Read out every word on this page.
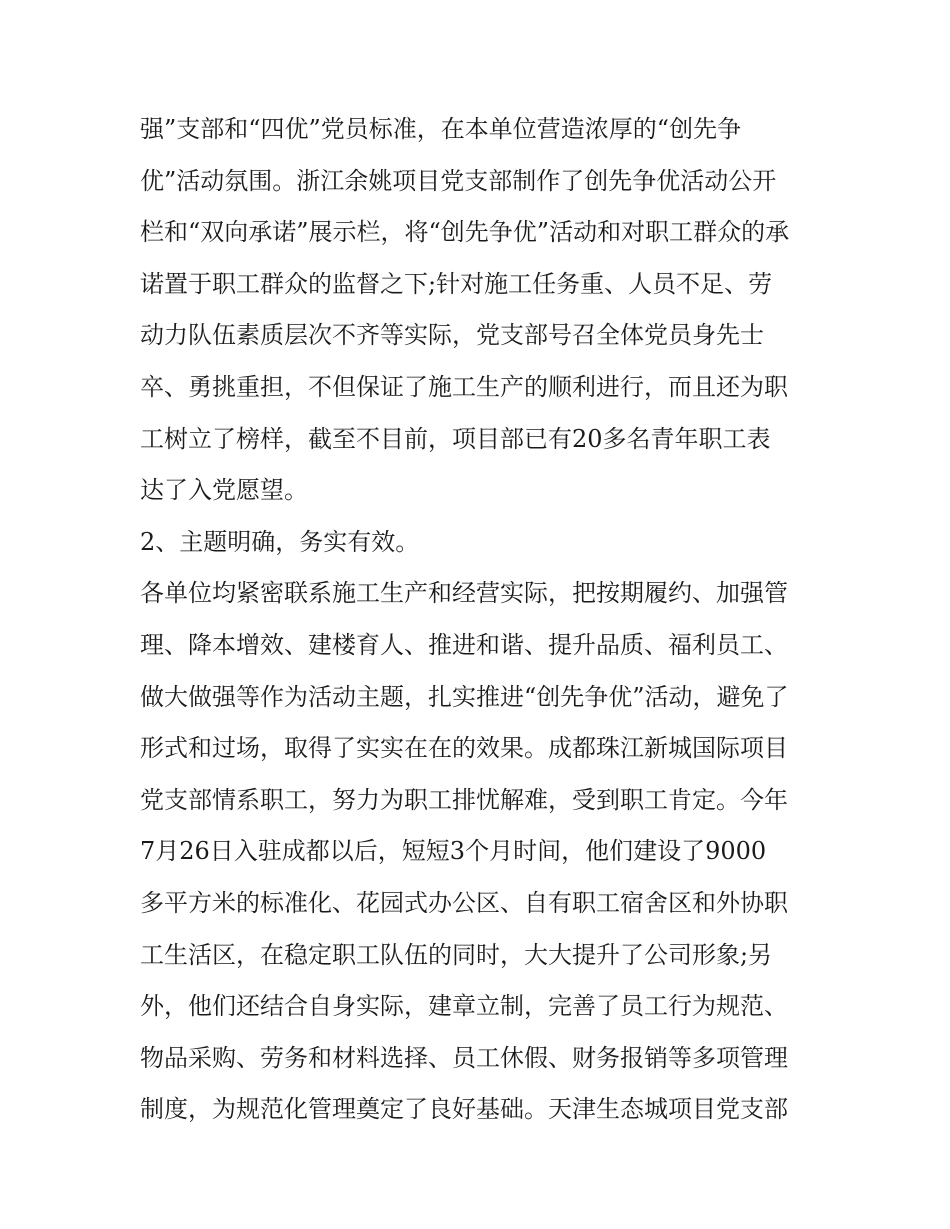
强”支部和“四优”党员标准，在本单位营造浓厚的“创先争
优”活动氛围。浙江余姚项目党支部制作了创先争优活动公开
栏和“双向承诺”展示栏，将“创先争优”活动和对职工群众的承
诺置于职工群众的监督之下;针对施工任务重、人员不足、劳
动力队伍素质层次不齐等实际，党支部号召全体党员身先士
卒、勇挑重担，不但保证了施工生产的顺利进行，而且还为职
工树立了榜样，截至不目前，项目部已有20多名青年职工表
达了入党愿望。
2、主题明确，务实有效。
各单位均紧密联系施工生产和经营实际，把按期履约、加强管
理、降本增效、建楼育人、推进和谐、提升品质、福利员工、
做大做强等作为活动主题，扎实推进“创先争优”活动，避免了
形式和过场，取得了实实在在的效果。成都珠江新城国际项目
党支部情系职工，努力为职工排忧解难，受到职工肯定。今年
7月26日入驻成都以后，短短3个月时间，他们建设了9000
多平方米的标准化、花园式办公区、自有职工宿舍区和外协职
工生活区，在稳定职工队伍的同时，大大提升了公司形象;另
外，他们还结合自身实际，建章立制，完善了员工行为规范、
物品采购、劳务和材料选择、员工休假、财务报销等多项管理
制度，为规范化管理奠定了良好基础。天津生态城项目党支部
